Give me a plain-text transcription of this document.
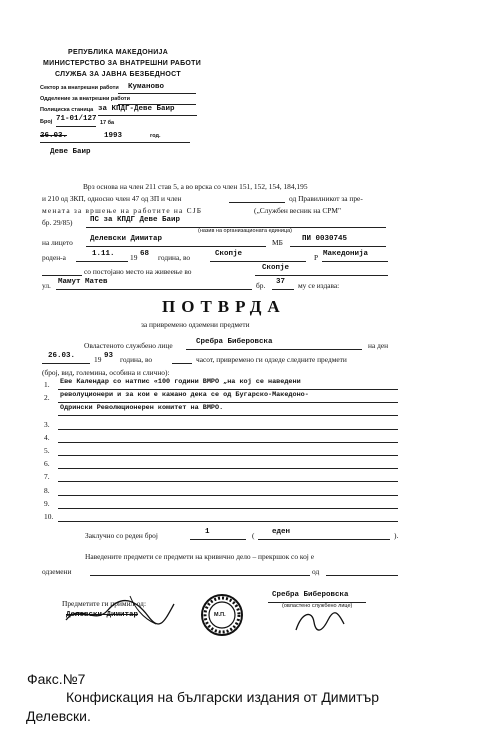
РЕПУБЛИКА МАКЕДОНИЈА
МИНИСТЕРСТВО ЗА ВНАТРЕШНИ РАБОТИ
СЛУЖБА ЗА ЈАВНА БЕЗБЕДНОСТ
Сектор за внатрешни работи Куманово
Одделение за внатрешни работи
Полициска станица за КПДГ-Деве Бaир
Број 71-01/127 17 ба
26.03.	1993	год.
Деве Баир
Врз основа на член 211 став 5, а во врска со член 151, 152, 154, 184,195
и 210 од ЗКП, односно член 47 од ЗП и член	од Правилникот за пре-
мената за вршење на работите на СЈБ	(„Службен весник на СРМ"
бр. 29/85) ПС за КПДГ Деве Баир
(назив на организационата единица)
на лицето Делевски Димитар	МБ	ПИ 0030745
роден-а	1.11. 19 68 година, во	Скопје	Р Македонија
со постојано место на живеење во	Скопје
ул. Мамут Матев	бр. 37 му се издава:
ПОТВРДА
за привремено одземени предмети
Овластеното службено лице	Сребра Биберовска	на ден
26.03.	19 93 година, во	часот, привремено ги одзеде следните предмети
(број, вид, големина, особина и слично):
1. Еве Календар со натпис «100 години ВМРО „на кој се наведени
2. револуционери и за кои е кажано дека се од Бугарско-Македоно-
Одрински Революционерен комитет на ВМРО.
3.
4.
5.
6.
7.
8.
9.
10.
Заклучно со реден број	1	( еден	).
Наведените предмети се предмети на кривично дело – прекршок со кој е
одземени	од
Предметите ги примил-од:
Делевски Димитар	М.П.
Сребра Биберовска
(овластено службено лице)
Факс.№7
Конфискация на български издания от Димитър
Делевски.
